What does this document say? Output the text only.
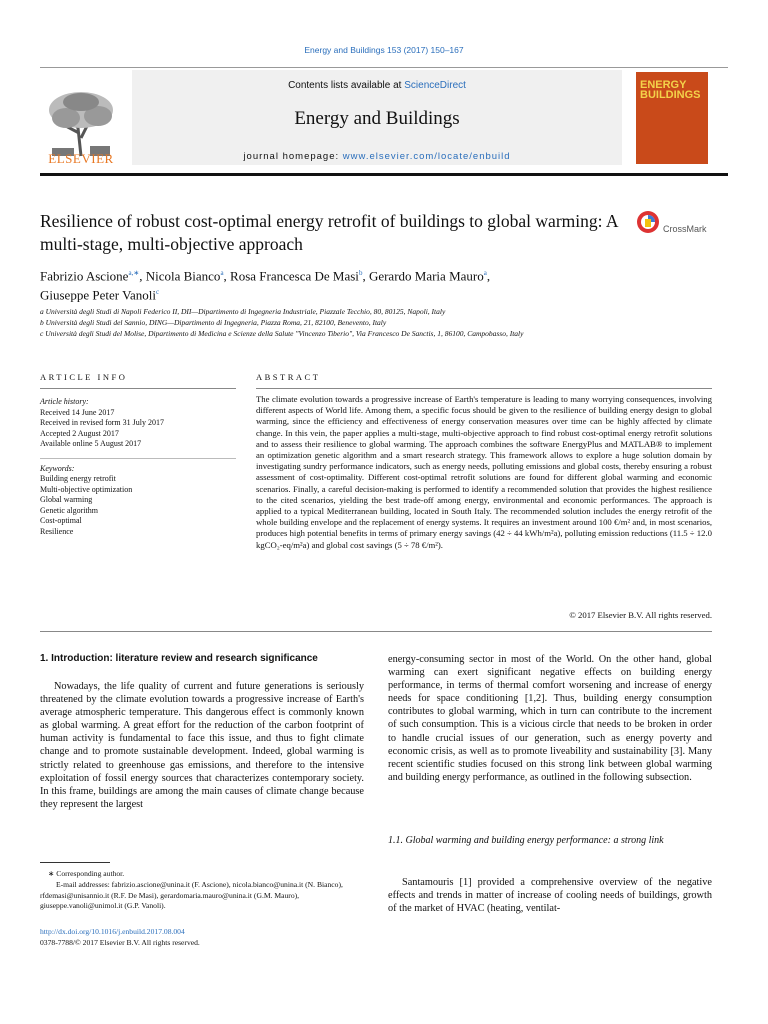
Energy and Buildings 153 (2017) 150–167
ELSEVIER
Contents lists available at ScienceDirect
Energy and Buildings
journal homepage: www.elsevier.com/locate/enbuild
ENERGY BUILDINGS
Resilience of robust cost-optimal energy retrofit of buildings to global warming: A multi-stage, multi-objective approach
CrossMark
Fabrizio Ascione$^{a,∗}$, Nicola Bianco$^a$, Rosa Francesca De Masi$^b$, Gerardo Maria Mauro$^a$,
Giuseppe Peter Vanoli$^c$
a Università degli Studi di Napoli Federico II, DII—Dipartimento di Ingegneria Industriale, Piazzale Tecchio, 80, 80125, Napoli, Italy
b Università degli Studi del Sannio, DING—Dipartimento di Ingegneria, Piazza Roma, 21, 82100, Benevento, Italy
c Università degli Studi del Molise, Dipartimento di Medicina e Scienze della Salute "Vincenzo Tiberio", Via Francesco De Sanctis, 1, 86100, Campobasso, Italy
ARTICLE INFO
Article history:
Received 14 June 2017
Received in revised form 31 July 2017
Accepted 2 August 2017
Available online 5 August 2017
Keywords:
Building energy retrofit
Multi-objective optimization
Global warming
Genetic algorithm
Cost-optimal
Resilience
ABSTRACT
The climate evolution towards a progressive increase of Earth's temperature is leading to many worrying consequences, involving different aspects of World life. Among them, a specific focus should be given to the resilience of building energy design to global warming, since the efficiency and effectiveness of energy conservation measures over time can be highly affected by climate change. In this vein, the paper applies a multi-stage, multi-objective approach to find robust cost-optimal energy retrofit solutions and to assess their resilience to global warming. The approach combines the software EnergyPlus and MATLAB® to implement an optimization genetic algorithm and a smart research strategy. This framework allows to explore a huge solution domain by investigating sundry performance indicators, such as energy needs, polluting emissions and global costs, thereby ensuring a robust assessment of cost-optimality. Different cost-optimal retrofit solutions are found for different global warming and economic scenarios. Finally, a careful decision-making is performed to identify a recommended solution that provides the highest resilience to the cited scenarios, yielding the best trade-off among energy, environmental and economic performances. The approach is applied to a typical Mediterranean building, located in South Italy. The recommended solution includes the energy retrofit of the whole building envelope and the replacement of energy systems. It requires an investment around 100 €/m² and, in most scenarios, produces high potential benefits in terms of primary energy savings (42 ÷ 44 kWh/m²a), polluting emission reductions (11.5 ÷ 12.0 kgCO₂-eq/m²a) and global cost savings (5 ÷ 78 €/m²).
© 2017 Elsevier B.V. All rights reserved.
1. Introduction: literature review and research significance
Nowadays, the life quality of current and future generations is seriously threatened by the climate evolution towards a progressive increase of Earth's average atmospheric temperature. This dangerous effect is commonly known as global warming. A great effort for the reduction of the carbon footprint of human activity is fundamental to face this issue, and thus to fight climate change and to promote sustainable development. Indeed, global warming is strictly related to greenhouse gas emissions, and therefore to the intensive exploitation of fossil energy sources that characterizes contemporary society. In this frame, buildings are among the main causes of climate change because they represent the largest
energy-consuming sector in most of the World. On the other hand, global warming can exert significant negative effects on building energy performance, in terms of thermal comfort worsening and increase of energy needs for space conditioning [1,2]. Thus, building energy consumption contributes to global warming, which in turn can contribute to the increment of such consumption. This is a vicious circle that needs to be broken in order to handle crucial issues of our generation, such as energy poverty and economic crisis, as well as to promote liveability and sustainability [3]. Many recent scientific studies focused on this strong link between global warming and building energy performance, as outlined in the following subsection.
1.1. Global warming and building energy performance: a strong link
Santamouris [1] provided a comprehensive overview of the negative effects and trends in matter of increase of cooling needs of buildings, growth of the market of HVAC (heating, ventilat-
∗ Corresponding author.
E-mail addresses: fabrizio.ascione@unina.it (F. Ascione), nicola.bianco@unina.it (N. Bianco), rfdemasi@unisannio.it (R.F. De Masi), gerardomaria.mauro@unina.it (G.M. Mauro), giuseppe.vanoli@unimol.it (G.P. Vanoli).
http://dx.doi.org/10.1016/j.enbuild.2017.08.004
0378-7788/© 2017 Elsevier B.V. All rights reserved.
